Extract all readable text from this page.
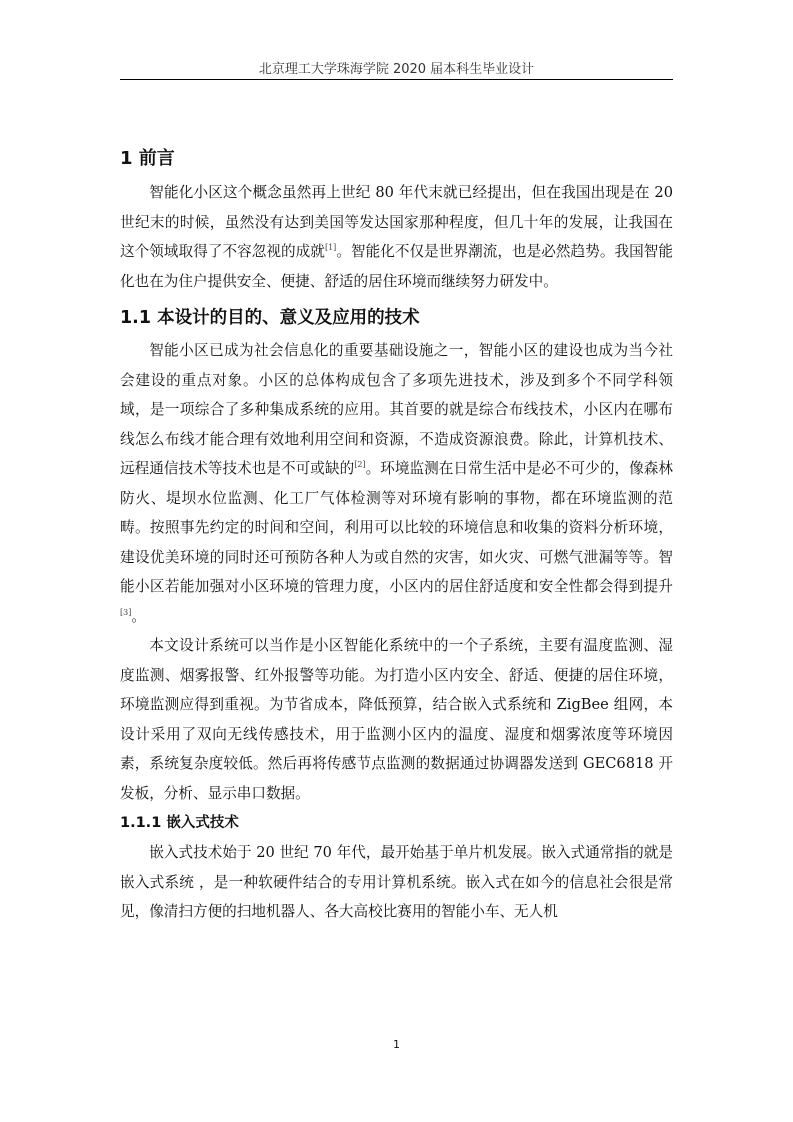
北京理工大学珠海学院 2020 届本科生毕业设计
1 前言

智能化小区这个概念虽然再上世纪 80 年代末就已经提出，但在我国出现是在 20 世纪末的时候，虽然没有达到美国等发达国家那种程度，但几十年的发展，让我国在这个领域取得了不容忽视的成就[1]。智能化不仅是世界潮流，也是必然趋势。我国智能化也在为住户提供安全、便捷、舒适的居住环境而继续努力研发中。

1.1 本设计的目的、意义及应用的技术

智能小区已成为社会信息化的重要基础设施之一，智能小区的建设也成为当今社会建设的重点对象。小区的总体构成包含了多项先进技术，涉及到多个不同学科领域，是一项综合了多种集成系统的应用。其首要的就是综合布线技术，小区内在哪布线怎么布线才能合理有效地利用空间和资源，不造成资源浪费。除此，计算机技术、远程通信技术等技术也是不可或缺的[2]。环境监测在日常生活中是必不可少的，像森林防火、堤坝水位监测、化工厂气体检测等对环境有影响的事物，都在环境监测的范畴。按照事先约定的时间和空间，利用可以比较的环境信息和收集的资料分析环境，建设优美环境的同时还可预防各种人为或自然的灾害，如火灾、可燃气泄漏等等。智能小区若能加强对小区环境的管理力度，小区内的居住舒适度和安全性都会得到提升[3]。

本文设计系统可以当作是小区智能化系统中的一个子系统，主要有温度监测、湿度监测、烟雾报警、红外报警等功能。为打造小区内安全、舒适、便捷的居住环境，环境监测应得到重视。为节省成本，降低预算，结合嵌入式系统和 ZigBee 组网，本设计采用了双向无线传感技术，用于监测小区内的温度、湿度和烟雾浓度等环境因素，系统复杂度较低。然后再将传感节点监测的数据通过协调器发送到 GEC6818 开发板，分析、显示串口数据。

1.1.1 嵌入式技术

嵌入式技术始于 20 世纪 70 年代，最开始基于单片机发展。嵌入式通常指的就是嵌入式系统 ，是一种软硬件结合的专用计算机系统。嵌入式在如今的信息社会很是常见，像清扫方便的扫地机器人、各大高校比赛用的智能小车、无人机

1
